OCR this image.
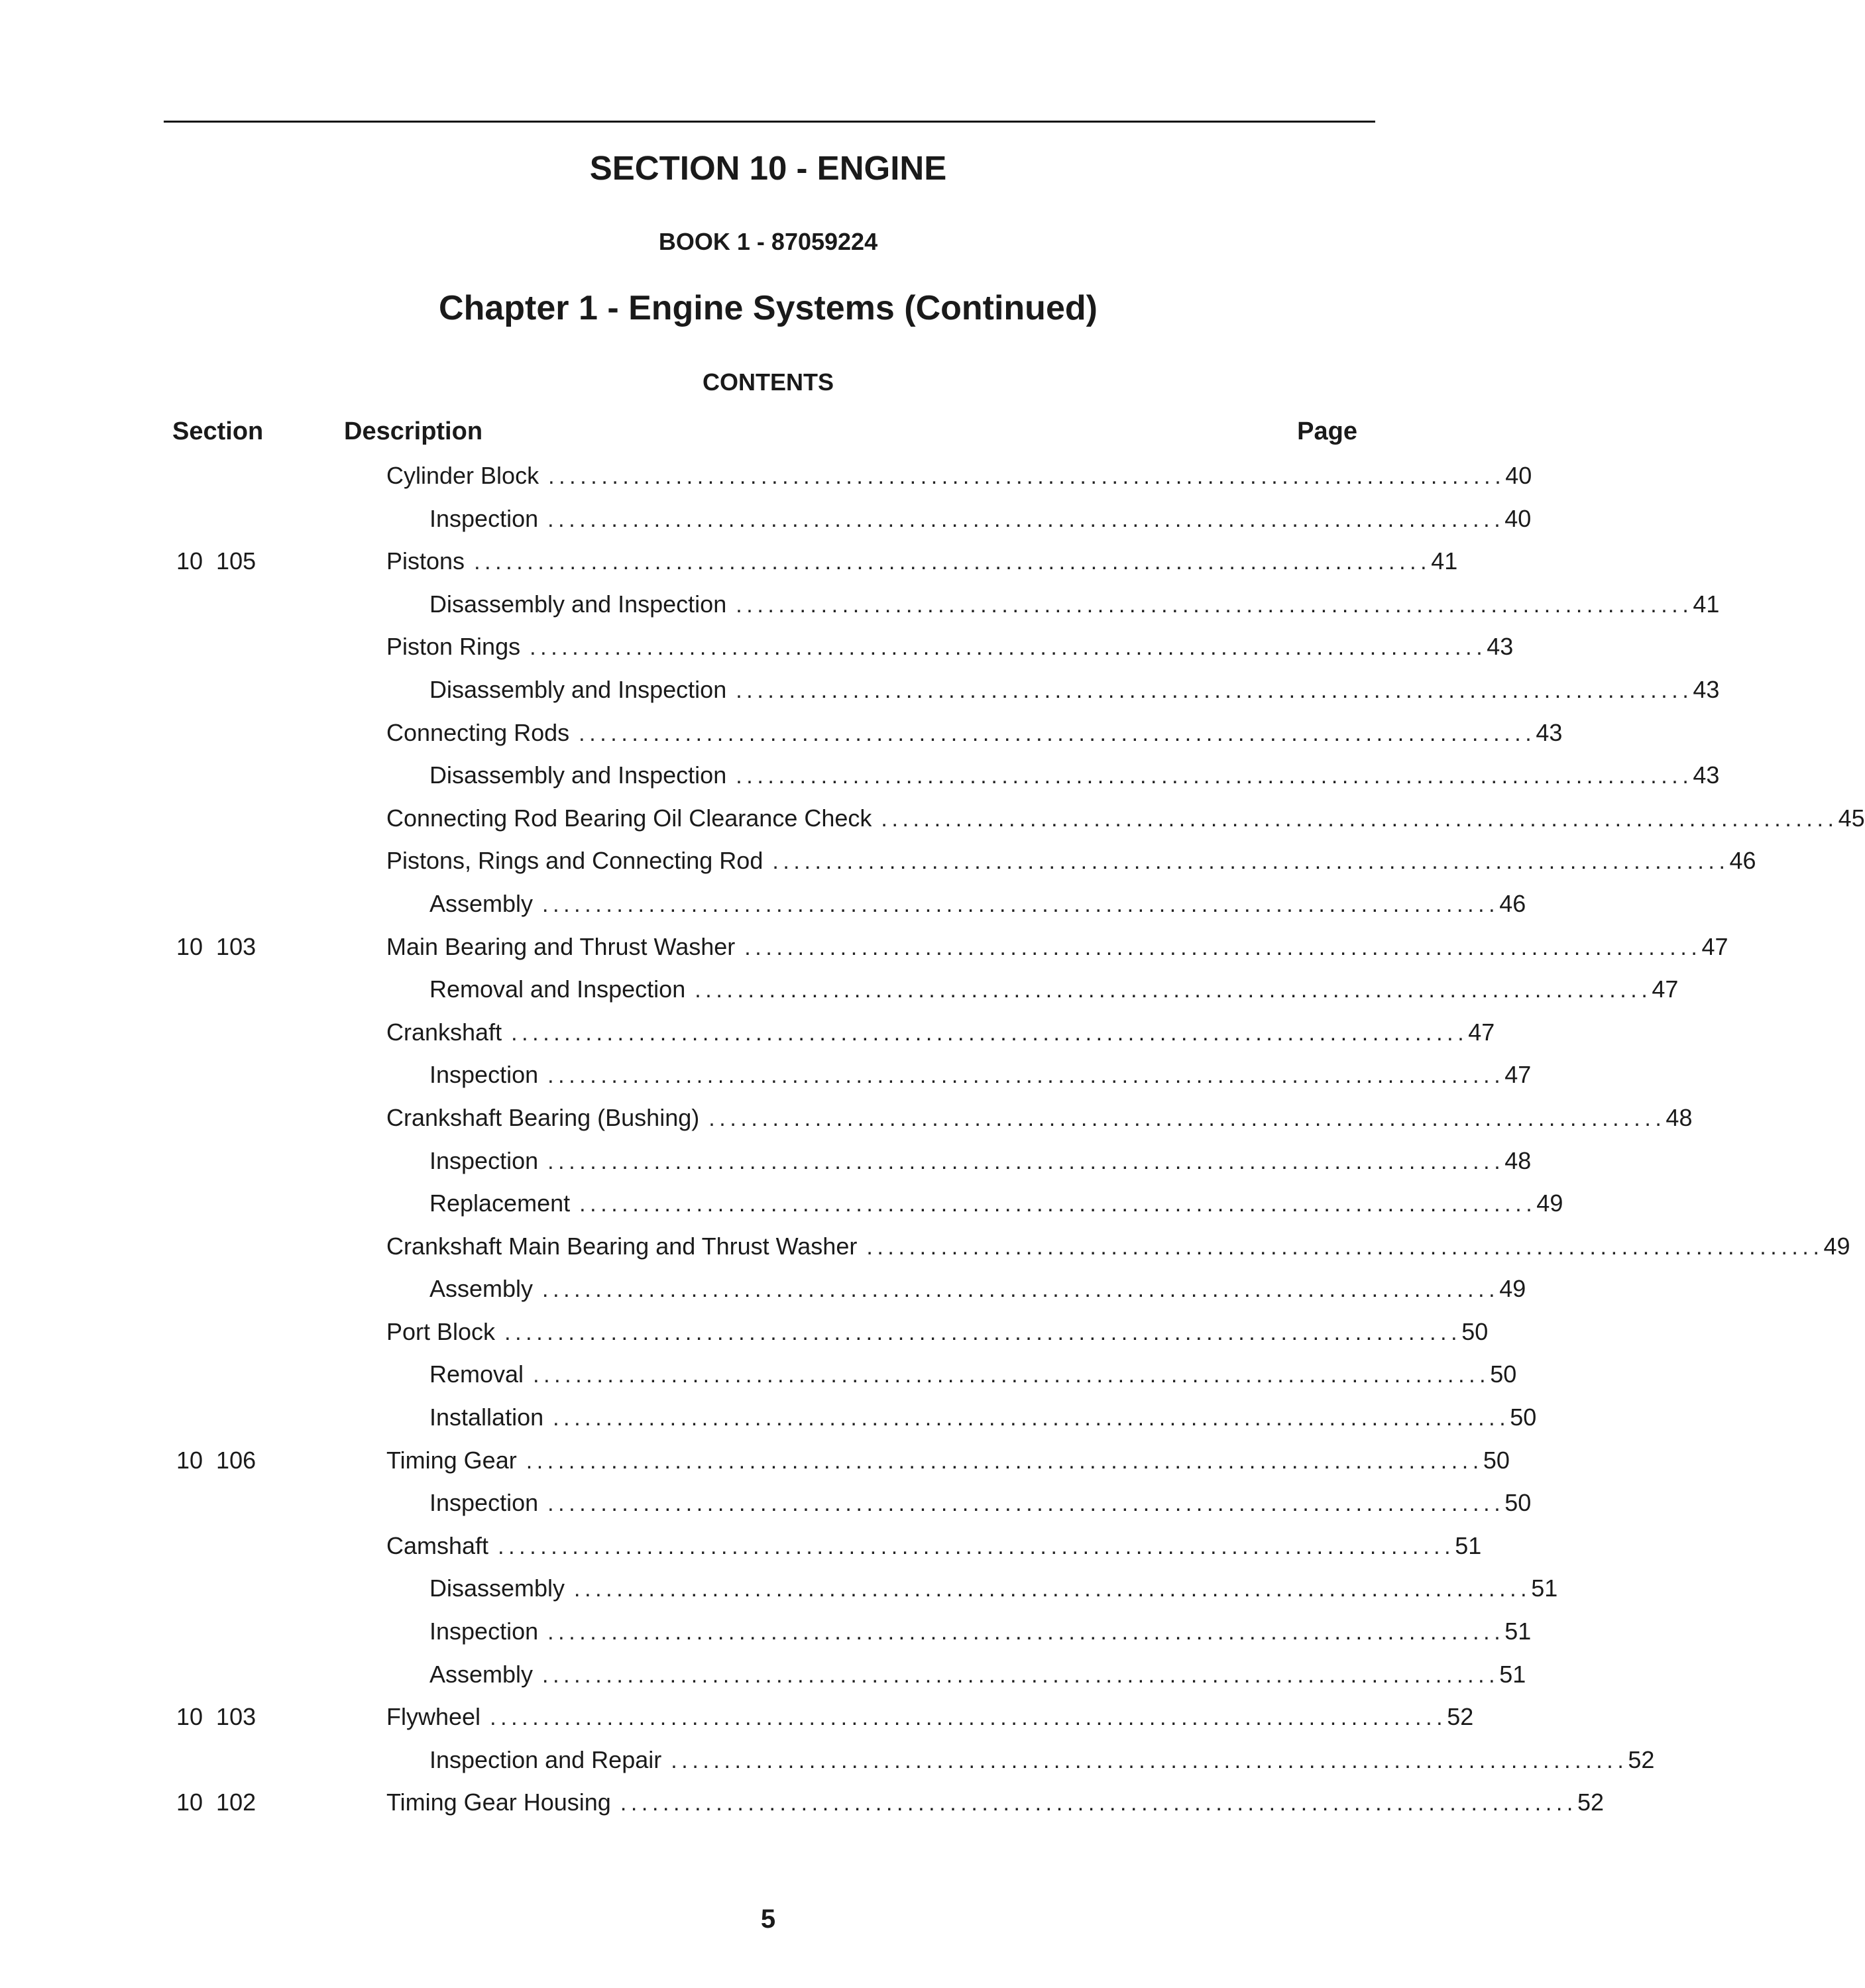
SECTION 10 - ENGINE
BOOK 1 - 87059224
Chapter 1 - Engine Systems (Continued)
CONTENTS
Section	Description	Page
Cylinder Block .......................................................................................... 40
Inspection .......................................................................................... 40
10  105	Pistons .......................................................................................... 41
Disassembly and Inspection .......................................................................................... 41
Piston Rings .......................................................................................... 43
Disassembly and Inspection .......................................................................................... 43
Connecting Rods .......................................................................................... 43
Disassembly and Inspection .......................................................................................... 43
Connecting Rod Bearing Oil Clearance Check .......................................................................................... 45
Pistons, Rings and Connecting Rod .......................................................................................... 46
Assembly .......................................................................................... 46
10  103	Main Bearing and Thrust Washer .......................................................................................... 47
Removal and Inspection .......................................................................................... 47
Crankshaft .......................................................................................... 47
Inspection .......................................................................................... 47
Crankshaft Bearing (Bushing) .......................................................................................... 48
Inspection .......................................................................................... 48
Replacement .......................................................................................... 49
Crankshaft Main Bearing and Thrust Washer .......................................................................................... 49
Assembly .......................................................................................... 49
Port Block .......................................................................................... 50
Removal .......................................................................................... 50
Installation .......................................................................................... 50
10  106	Timing Gear .......................................................................................... 50
Inspection .......................................................................................... 50
Camshaft .......................................................................................... 51
Disassembly .......................................................................................... 51
Inspection .......................................................................................... 51
Assembly .......................................................................................... 51
10  103	Flywheel .......................................................................................... 52
Inspection and Repair .......................................................................................... 52
10  102	Timing Gear Housing .......................................................................................... 52
5
